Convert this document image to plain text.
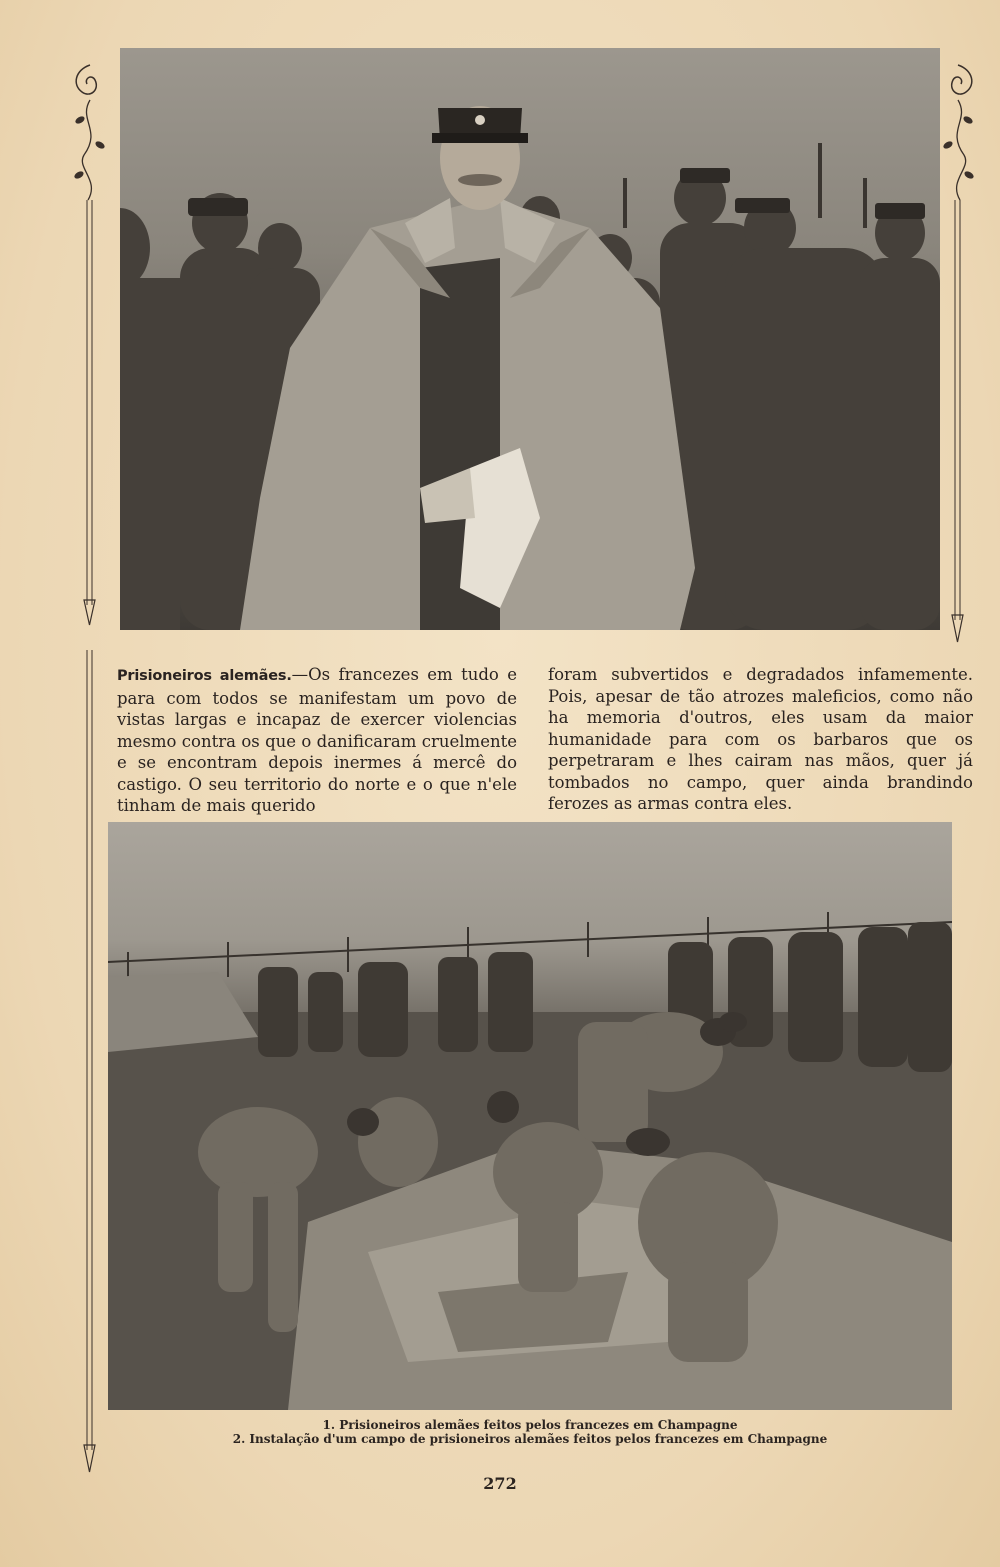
Prisioneiros alemães.—Os francezes em tudo e para com todos se manifestam um povo de vistas largas e incapaz de exercer violencias mesmo contra os que o danificaram cruelmente e se encontram depois inermes á mercê do castigo. O seu territorio do norte e o que n'ele tinham de mais querido
foram subvertidos e degradados infamemente. Pois, apesar de tão atrozes maleficios, como não ha memoria d'outros, eles usam da maior humanidade para com os barbaros que os perpetraram e lhes cairam nas mãos, quer já tombados no campo, quer ainda brandindo ferozes as armas contra eles.
1. Prisioneiros alemães feitos pelos francezes em Champagne
2. Instalação d'um campo de prisioneiros alemães feitos pelos francezes em Champagne
272
